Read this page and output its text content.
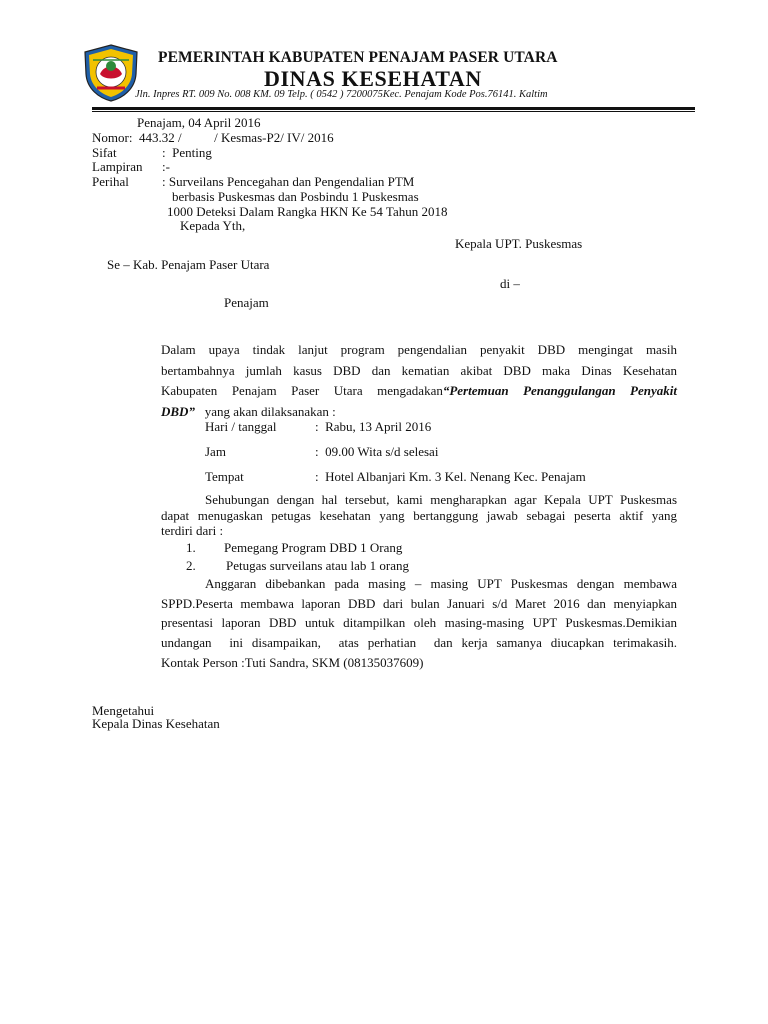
PEMERINTAH KABUPATEN PENAJAM PASER UTARA
DINAS KESEHATAN
Jln. Inpres RT. 009 No. 008 KM. 09 Telp. ( 0542 ) 7200075Kec. Penajam Kode Pos.76141. Kaltim
Penajam, 04 April 2016
Nomor: 443.32 /          / Kesmas-P2/ IV/ 2016
Sifat	:  Penting
Lampiran :-
Perihal	: Surveilans Pencegahan dan Pengendalian PTM
berbasis Puskesmas dan Posbindu 1 Puskesmas
1000 Deteksi Dalam Rangka HKN Ke 54 Tahun 2018
Kepada Yth,
Kepala UPT. Puskesmas
Se – Kab. Penajam Paser Utara
di –
Penajam
Dalam upaya tindak lanjut program pengendalian penyakit DBD mengingat masih
bertambahnya jumlah kasus DBD dan kematian akibat DBD maka Dinas Kesehatan
Kabupaten Penajam Paser Utara mengadakan“Pertemuan Penanggulangan Penyakit
DBD” yang akan dilaksanakan :
Hari / tanggal	:  Rabu, 13 April 2016
Jam	:  09.00 Wita s/d selesai
Tempat	:  Hotel Albanjari Km. 3 Kel. Nenang Kec. Penajam
Sehubungan dengan hal tersebut, kami mengharapkan agar Kepala UPT Puskesmas
dapat menugaskan petugas kesehatan yang bertanggung jawab sebagai peserta aktif yang
terdiri dari :
1. Pemegang Program DBD 1 Orang
2. Petugas surveilans atau lab 1 orang
Anggaran dibebankan pada masing – masing UPT Puskesmas dengan membawa
SPPD.Peserta membawa laporan DBD dari bulan Januari s/d Maret 2016 dan menyiapkan
presentasi laporan DBD untuk ditampilkan oleh masing-masing UPT Puskesmas.Demikian
undangan  ini disampaikan,  atas perhatian  dan kerja samanya diucapkan terimakasih.
Kontak Person :Tuti Sandra, SKM (08135037609)
Mengetahui
Kepala Dinas Kesehatan
